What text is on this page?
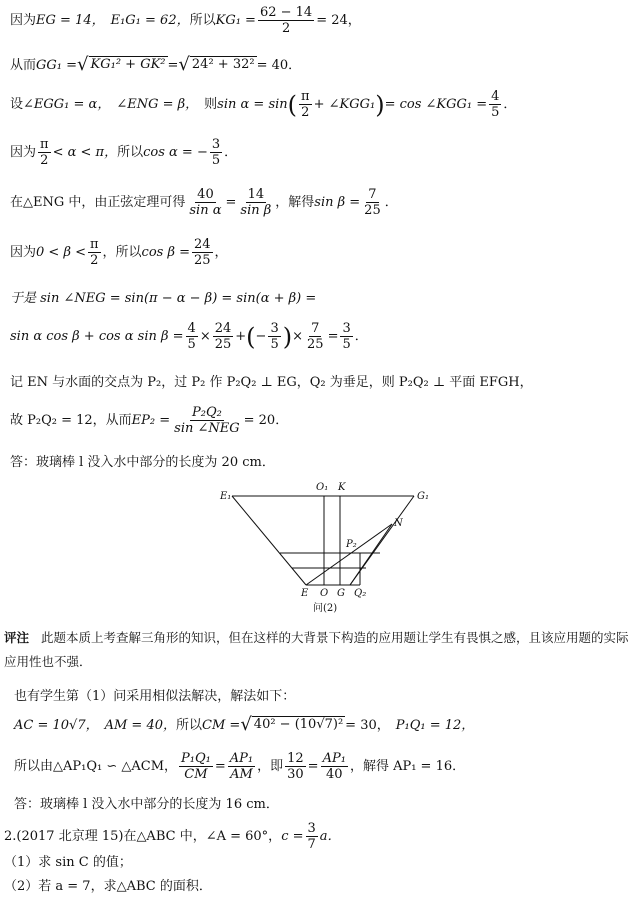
因为 EG = 14， E₁G₁ = 62， 所以 $KG_1 = \frac{62 - 14}{2} = 24$，
从而 GG₁ = √ KG₁² + GK² = √ 24² + 32² = 40．
设 ∠EGG₁ = α， ∠ENG = β， 则 sin α = sin ( $\frac{\pi}{2}$ + ∠KGG₁ ) = cos ∠KGG₁ = $\frac{4}{5}$ ．
因为 $\frac{\pi}{2} < \alpha < \pi$， 所以 cos α = − $\frac{3}{5}$ ．
在△ENG 中，由正弦定理可得 $\frac{40}{\text{sin α}} = \frac{14}{\text{sin β}}$ ，解得 $\sin \beta = \frac{7}{25}$ ．
因为 $0 < \beta < \frac{\pi}{2}$ ，所以 $\cos \beta = \frac{24}{25}$ ，
于是 sin ∠NEG = sin(π − α − β) = sin(α + β) =
sin α cos β + cos α $\sin \beta = \frac{4}{5} \times \frac{24}{25}$ + ( − $\frac{3}{5}$ ) × $\frac{7}{25} = \frac{3}{5}$ ．
记 EN 与水面的交点为 P₂，过 P₂ 作 P₂Q₂ ⊥ EG，Q₂ 为垂足，则 P₂Q₂ ⊥ 平面 EFGH，
故 P₂Q₂ = 12，从而 $EP_2 = \frac{\text{P₂Q₂}}{\text{sin ∠NEG}} = 20$．
答：玻璃棒 l 没入水中部分的长度为 20 cm．
E₁
O₁ K
G₁
N
P₂
E O G Q₂
问(2)
评注 此题本质上考查解三角形的知识，但在这样的大背景下构造的应用题让学生有畏惧之感，且该应用题的实际应用性也不强．
也有学生第（1）问采用相似法解决，解法如下：
AC = 10√7， AM = 40， 所以 CM = √ 40² − (10√7)² = 30， P₁Q₁ = 12，
所以由△AP₁Q₁ ∽ △ACM， $\frac{\text{P₁Q₁}}{CM} = \frac{\text{AP₁}}{AM}$ ，即 $\frac{12}{30} = \frac{\text{AP₁}}{40}$ ，解得 AP₁ = 16．
答：玻璃棒 l 没入水中部分的长度为 16 cm．
2.(2017 北京理 15)在△ABC 中，∠A = 60°， $c = \frac{3}{7}$ a．
（1）求 sin C 的值；
（2）若 a = 7，求△ABC 的面积．
